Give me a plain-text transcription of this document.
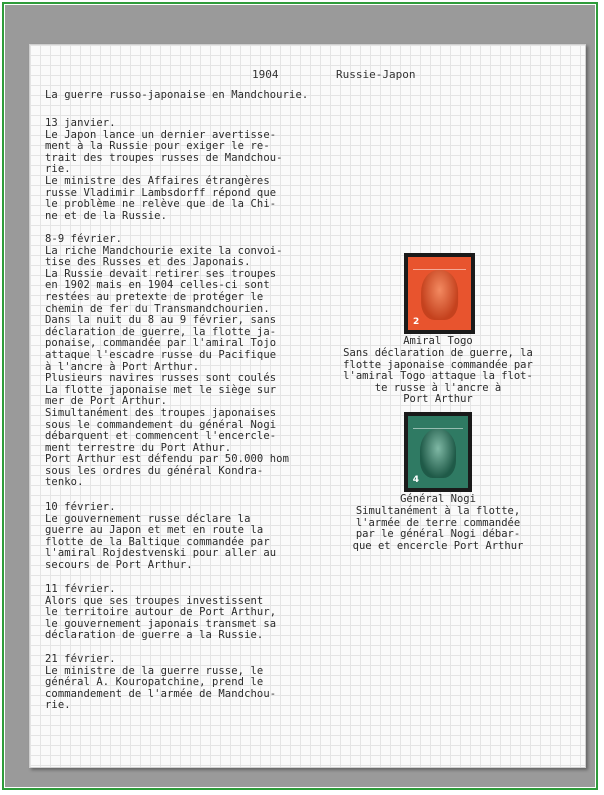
1904	Russie-Japon
La guerre russo-japonaise en Mandchourie.
13 janvier.
Le Japon lance un dernier avertisse-
ment à la Russie pour exiger le re-
trait des troupes russes de Mandchou-
rie.
Le ministre des Affaires étrangères
russe Vladimir Lambsdorff répond que
le problème ne relève que de la Chi-
ne et de la Russie.
8-9 février.
La riche Mandchourie exite la convoi-
tise des Russes et des Japonais.
La Russie devait retirer ses troupes
en 1902 mais en 1904 celles-ci sont
restées au pretexte de protéger le
chemin de fer du Transmandchourien.
Dans la nuit du 8 au 9 février, sans
déclaration de guerre, la flotte ja-
ponaise, commandée par l'amiral Tojo
attaque l'escadre russe du Pacifique
à l'ancre à Port Arthur.
Plusieurs navires russes sont coulés
La flotte japonaise met le siège sur
mer de Port Arthur.
Simultanément des troupes japonaises
sous le commandement du général Nogi
débarquent et commencent l'encercle-
ment terrestre du Port Athur.
Port Arthur est défendu par 50.000 hom
sous les ordres du général Kondra-
tenko.
10 février.
Le gouvernement russe déclare la
guerre au Japon et met en route la
flotte de la Baltique commandée par
l'amiral Rojdestvenski pour aller au
secours de Port Arthur.
11 février.
Alors que ses troupes investissent
le territoire autour de Port Arthur,
le gouvernement japonais transmet sa
déclaration de guerre a la Russie.
21 février.
Le ministre de la guerre russe, le
général A. Kouropatchine, prend le
commandement de l'armée de Mandchou-
rie.
2
Amiral Togo
Sans déclaration de guerre, la
flotte japonaise commandée par
l'amiral Togo attaque la flot-
te russe à l'ancre à
Port Arthur
4
Général Nogi
Simultanément à la flotte,
l'armée de terre commandée
par le général Nogi débar-
que et encercle Port Arthur
